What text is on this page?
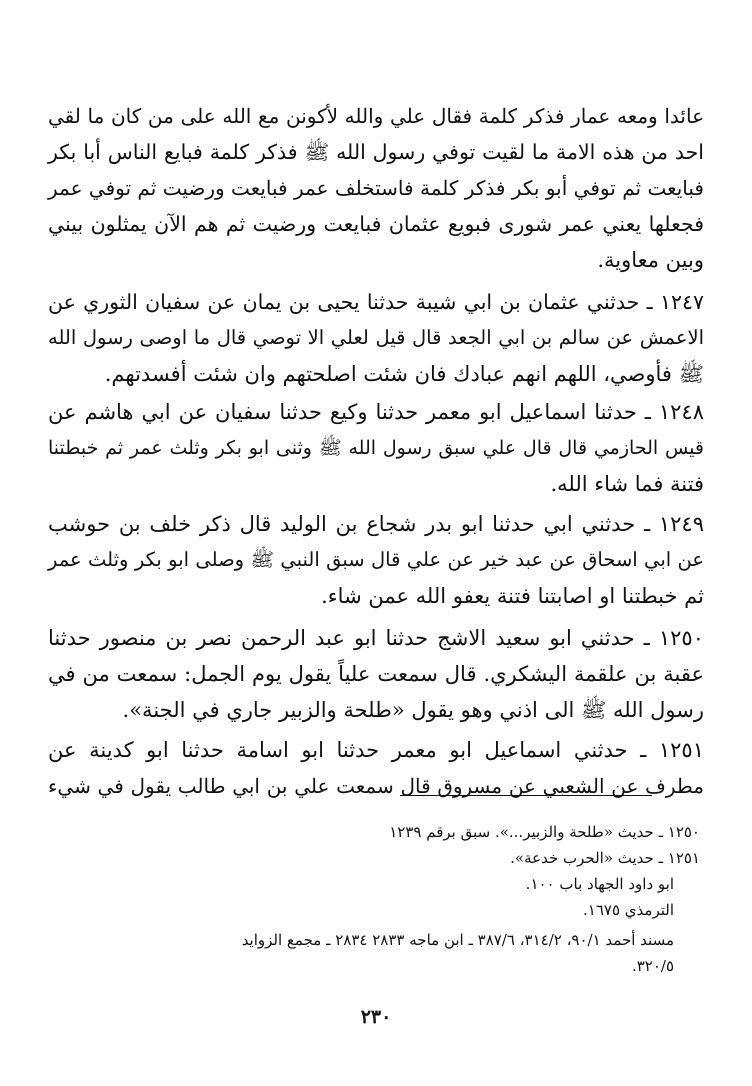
عائدا ومعه عمار فذكر كلمة فقال علي والله لأكونن مع الله على من كان ما لقي
احد من هذه الامة ما لقيت توفي رسول الله ﷺ فذكر كلمة فبايع الناس أبا بكر
فبايعت ثم توفي أبو بكر فذكر كلمة فاستخلف عمر فبايعت ورضيت ثم توفي عمر
فجعلها يعني عمر شورى فبويع عثمان فبايعت ورضيت ثم هم الآن يمثلون بيني
وبين معاوية.
١٢٤٧ ـ حدثني عثمان بن ابي شيبة حدثنا يحيى بن يمان عن سفيان الثوري عن
الاعمش عن سالم بن ابي الجعد قال قيل لعلي الا توصي قال ما اوصى رسول الله
ﷺ فأوصي، اللهم انهم عبادك فان شئت اصلحتهم وان شئت أفسدتهم.
١٢٤٨ ـ حدثنا اسماعيل ابو معمر حدثنا وكيع حدثنا سفيان عن ابي هاشم عن
قيس الحازمي قال قال علي سبق رسول الله ﷺ وثنى ابو بكر وثلث عمر ثم خبطتنا
فتنة فما شاء الله.
١٢٤٩ ـ حدثني ابي حدثنا ابو بدر شجاع بن الوليد قال ذكر خلف بن حوشب
عن ابي اسحاق عن عبد خير عن علي قال سبق النبي ﷺ وصلى ابو بكر وثلث عمر
ثم خبطتنا او اصابتنا فتنة يعفو الله عمن شاء.
١٢٥٠ ـ حدثني ابو سعيد الاشج حدثنا ابو عبد الرحمن نصر بن منصور حدثنا
عقبة بن علقمة اليشكري. قال سمعت علياً يقول يوم الجمل: سمعت من في
رسول الله ﷺ الى اذني وهو يقول «طلحة والزبير جاري في الجنة».
١٢٥١ ـ حدثني اسماعيل ابو معمر حدثنا ابو اسامة حدثنا ابو كدينة عن
مطرف عن الشعبي عن مسروق قال سمعت علي بن ابي طالب يقول في شيء
١٢٥٠ ـ حديث «طلحة والزبير...». سبق برقم ١٢٣٩
١٢٥١ ـ حديث «الحرب خدعة».
ابو داود الجهاد باب ١٠٠.
الترمذي ١٦٧٥.
مسند أحمد ٩٠/١، ٣١٤/٢، ٣٨٧/٦ ـ ابن ماجه ٢٨٣٣ ٢٨٣٤ ـ مجمع الزوايد
٣٢٠/٥.
٢٣٠
